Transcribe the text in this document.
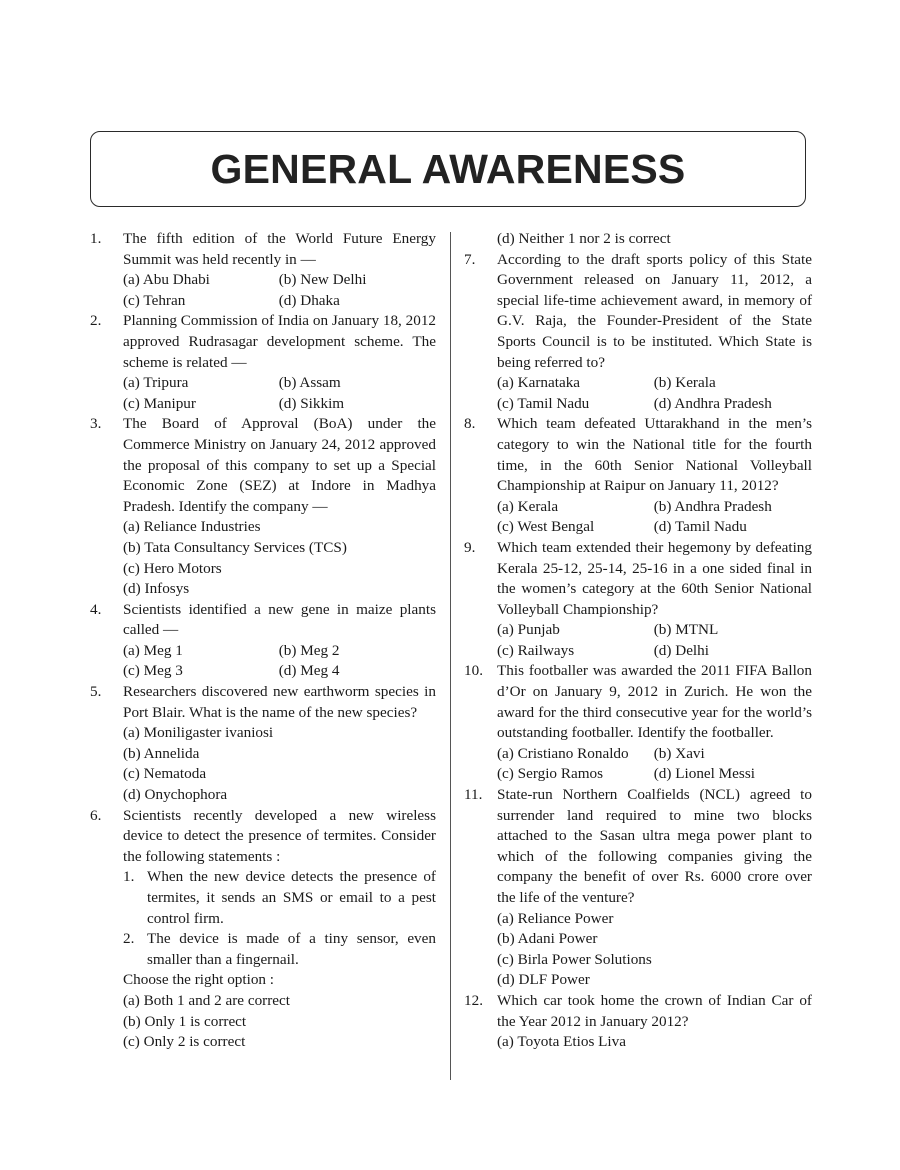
GENERAL AWARENESS
1.	The fifth edition of the World Future Energy Summit was held recently in —
(a) Abu Dhabi	(b) New Delhi
(c) Tehran	(d) Dhaka
2.	Planning Commission of India on January 18, 2012 approved Rudrasagar development scheme. The scheme is related —
(a) Tripura	(b) Assam
(c) Manipur	(d) Sikkim
3.	The Board of Approval (BoA) under the Commerce Ministry on January 24, 2012 approved the proposal of this company to set up a Special Economic Zone (SEZ) at Indore in Madhya Pradesh. Identify the company —
(a) Reliance Industries
(b) Tata Consultancy Services (TCS)
(c) Hero Motors
(d) Infosys
4.	Scientists identified a new gene in maize plants called —
(a) Meg 1	(b) Meg 2
(c) Meg 3	(d) Meg 4
5.	Researchers discovered new earthworm species in Port Blair. What is the name of the new species?
(a) Moniligaster ivaniosi
(b) Annelida
(c) Nematoda
(d) Onychophora
6.	Scientists recently developed a new wireless device to detect the presence of termites. Consider the following statements :
1. When the new device detects the presence of termites, it sends an SMS or email to a pest control firm.
2. The device is made of a tiny sensor, even smaller than a fingernail.
Choose the right option :
(a) Both 1 and 2 are correct
(b) Only 1 is correct
(c) Only 2 is correct
(d) Neither 1 nor 2 is correct
7.	According to the draft sports policy of this State Government released on January 11, 2012, a special life-time achievement award, in memory of G.V. Raja, the Founder-President of the State Sports Council is to be instituted. Which State is being referred to?
(a) Karnataka	(b) Kerala
(c) Tamil Nadu	(d) Andhra Pradesh
8.	Which team defeated Uttarakhand in the men’s category to win the National title for the fourth time, in the 60th Senior National Volleyball Championship at Raipur on January 11, 2012?
(a) Kerala	(b) Andhra Pradesh
(c) West Bengal	(d) Tamil Nadu
9.	Which team extended their hegemony by defeating Kerala 25-12, 25-14, 25-16 in a one sided final in the women’s category at the 60th Senior National Volleyball Championship?
(a) Punjab	(b) MTNL
(c) Railways	(d) Delhi
10. This footballer was awarded the 2011 FIFA Ballon d’Or on January 9, 2012 in Zurich. He won the award for the third consecutive year for the world’s outstanding footballer. Identify the footballer.
(a) Cristiano Ronaldo	(b) Xavi
(c) Sergio Ramos	(d) Lionel Messi
11. State-run Northern Coalfields (NCL) agreed to surrender land required to mine two blocks attached to the Sasan ultra mega power plant to which of the following companies giving the company the benefit of over Rs. 6000 crore over the life of the venture?
(a) Reliance Power
(b) Adani Power
(c) Birla Power Solutions
(d) DLF Power
12. Which car took home the crown of Indian Car of the Year 2012 in January 2012?
(a) Toyota Etios Liva
